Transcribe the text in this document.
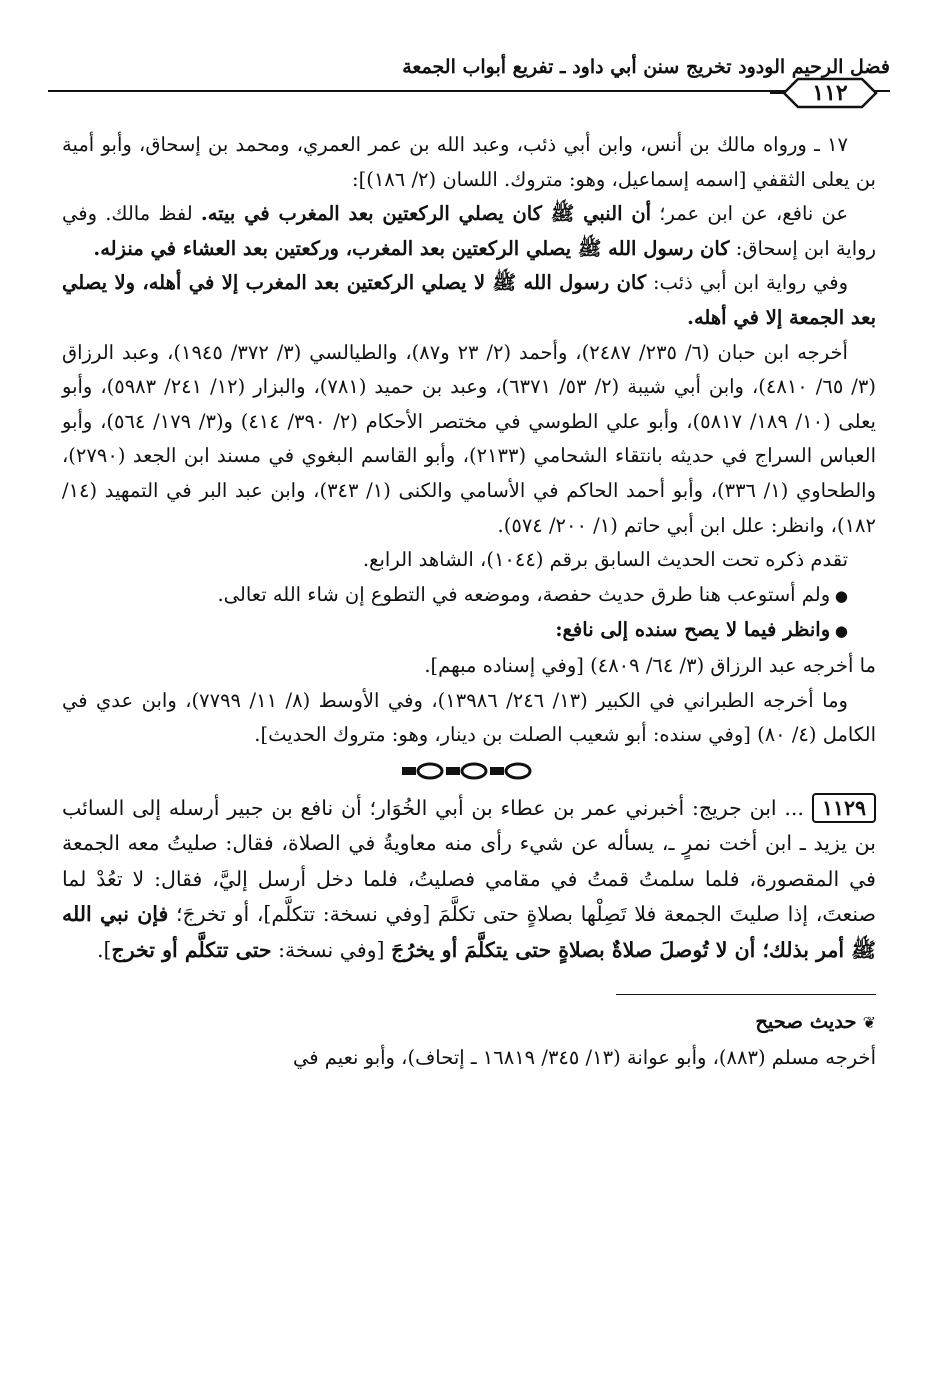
فضل الرحيم الودود تخريج سنن أبي داود ـ تفريع أبواب الجمعة
١١٢

١٧ ـ ورواه مالك بن أنس، وابن أبي ذئب، وعبد الله بن عمر العمري، ومحمد بن إسحاق، وأبو أمية بن يعلى الثقفي [اسمه إسماعيل، وهو: متروك. اللسان (٢/ ١٨٦)]:

عن نافع، عن ابن عمر؛ أن النبي ﷺ كان يصلي الركعتين بعد المغرب في بيته. لفظ مالك. وفي رواية ابن إسحاق: كان رسول الله ﷺ يصلي الركعتين بعد المغرب، وركعتين بعد العشاء في منزله.

وفي رواية ابن أبي ذئب: كان رسول الله ﷺ لا يصلي الركعتين بعد المغرب إلا في أهله، ولا يصلي بعد الجمعة إلا في أهله.

أخرجه ابن حبان (٦/ ٢٣٥/ ٢٤٨٧)، وأحمد (٢/ ٢٣ و٨٧)، والطيالسي (٣/ ٣٧٢/ ١٩٤٥)، وعبد الرزاق (٣/ ٦٥/ ٤٨١٠)، وابن أبي شيبة (٢/ ٥٣/ ٦٣٧١)، وعبد بن حميد (٧٨١)، والبزار (١٢/ ٢٤١/ ٥٩٨٣)، وأبو يعلى (١٠/ ١٨٩/ ٥٨١٧)، وأبو علي الطوسي في مختصر الأحكام (٢/ ٣٩٠/ ٤١٤) و(٣/ ١٧٩/ ٥٦٤)، وأبو العباس السراج في حديثه بانتقاء الشحامي (٢١٣٣)، وأبو القاسم البغوي في مسند ابن الجعد (٢٧٩٠)، والطحاوي (١/ ٣٣٦)، وأبو أحمد الحاكم في الأسامي والكنى (١/ ٣٤٣)، وابن عبد البر في التمهيد (١٤/ ١٨٢)، وانظر: علل ابن أبي حاتم (١/ ٢٠٠/ ٥٧٤).

تقدم ذكره تحت الحديث السابق برقم (١٠٤٤)، الشاهد الرابع.

● ولم أستوعب هنا طرق حديث حفصة، وموضعه في التطوع إن شاء الله تعالى.

● وانظر فيما لا يصح سنده إلى نافع:

ما أخرجه عبد الرزاق (٣/ ٦٤/ ٤٨٠٩) [وفي إسناده مبهم].

وما أخرجه الطبراني في الكبير (١٣/ ٢٤٦/ ١٣٩٨٦)، وفي الأوسط (٨/ ١١/ ٧٧٩٩)، وابن عدي في الكامل (٤/ ٨٠) [وفي سنده: أبو شعيب الصلت بن دينار، وهو: متروك الحديث].

١١٢٩... ابن جريج: أخبرني عمر بن عطاء بن أبي الخُوَار؛ أن نافع بن جبير أرسله إلى السائب بن يزيد ـ ابن أخت نمرٍ ـ، يسأله عن شيء رأى منه معاويةُ في الصلاة، فقال: صليتُ معه الجمعة في المقصورة، فلما سلمتُ قمتُ في مقامي فصليتُ، فلما دخل أرسل إليَّ، فقال: لا تعُدْ لما صنعتَ، إذا صليتَ الجمعة فلا تَصِلْها بصلاةٍ حتى تكلَّمَ [وفي نسخة: تتكلَّم]، أو تخرجَ؛ فإن نبي الله ﷺ أمر بذلك؛ أن لا تُوصلَ صلاةٌ بصلاةٍ حتى يتكلَّمَ أو يخرُجَ [وفي نسخة: حتى تتكلَّم أو تخرج].

❦حديث صحيح

أخرجه مسلم (٨٨٣)، وأبو عوانة (١٣/ ٣٤٥/ ١٦٨١٩ ـ إتحاف)، وأبو نعيم في
